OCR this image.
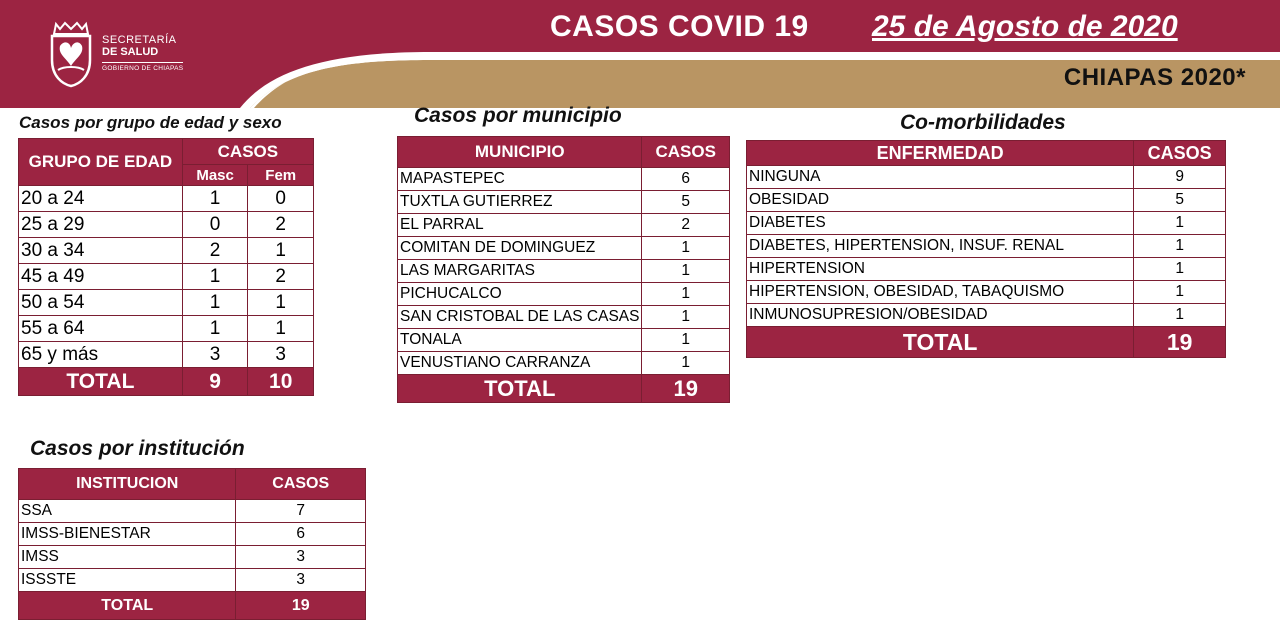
SECRETARÍA
DE SALUD
GOBIERNO DE CHIAPAS
CASOS COVID 19 25 de Agosto de 2020
CHIAPAS 2020*
Casos por grupo de edad y sexo	Casos por municipio	Co-morbilidades
Casos por institución
GRUPO DE EDAD	CASOS	
	Masc	Fem
20 a 24	1	0
25 a 29	0	2
30 a 34	2	1
45 a 49	1	2
50 a 54	1	1
55 a 64	1	1
65 y más	3	3
TOTAL	9	10
MUNICIPIO	CASOS
MAPASTEPEC	6
TUXTLA GUTIERREZ	5
EL PARRAL	2
COMITAN DE DOMINGUEZ	1
LAS MARGARITAS	1
PICHUCALCO	1
SAN CRISTOBAL DE LAS CASAS	1
TONALA	1
VENUSTIANO CARRANZA	1
TOTAL	19
ENFERMEDAD	CASOS
NINGUNA	9
OBESIDAD	5
DIABETES	1
DIABETES, HIPERTENSION, INSUF. RENAL	1
HIPERTENSION	1
HIPERTENSION, OBESIDAD, TABAQUISMO	1
INMUNOSUPRESION/OBESIDAD	1
TOTAL	19
INSTITUCION	CASOS
SSA	7
IMSS-BIENESTAR	6
IMSS	3
ISSSTE	3
TOTAL	19
